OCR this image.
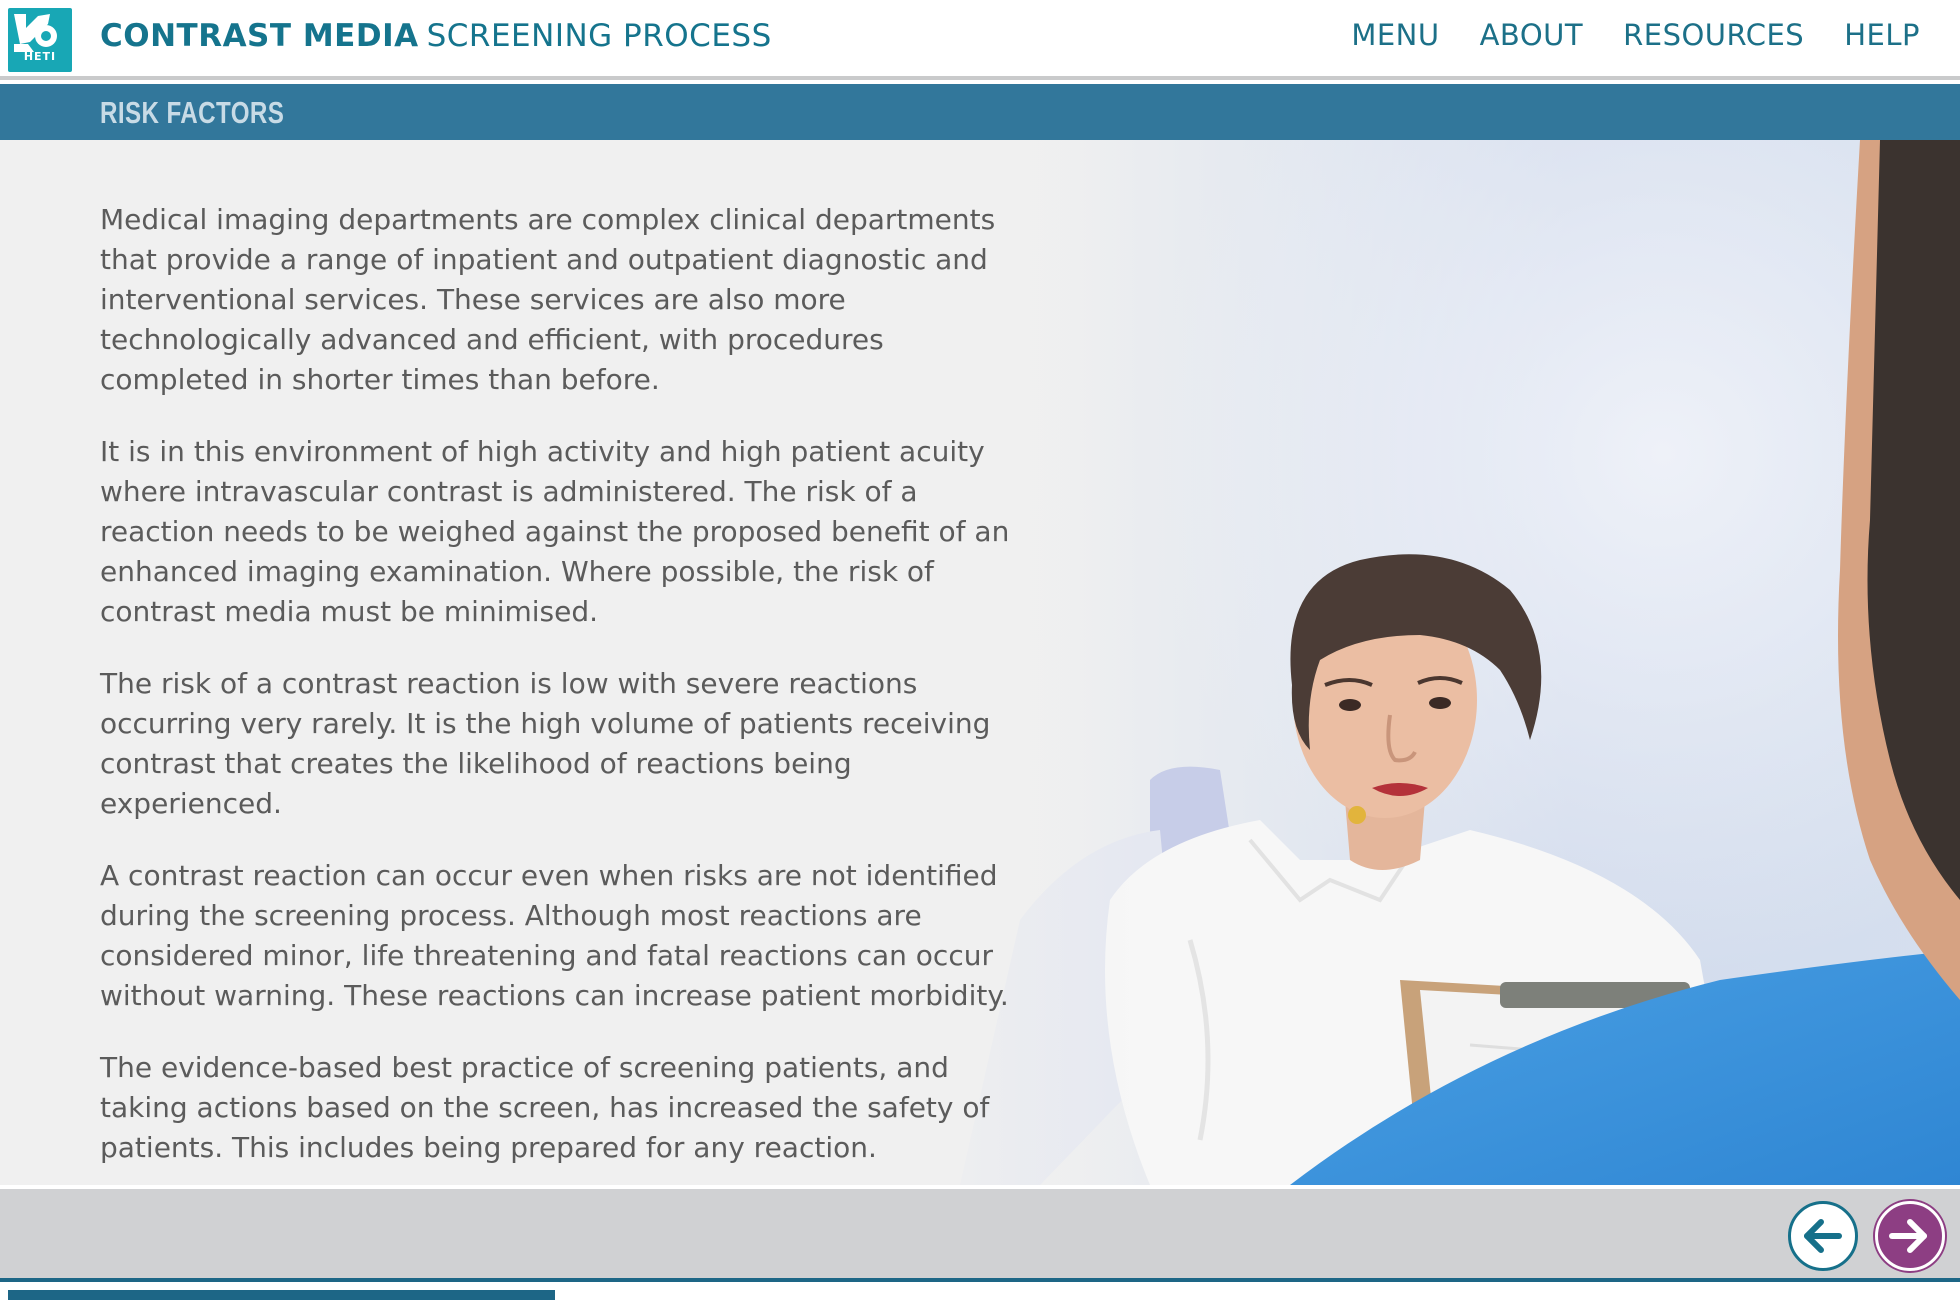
HETI
CONTRAST MEDIA SCREENING PROCESS	MENU ABOUT RESOURCES HELP
RISK FACTORS

Medical imaging departments are complex clinical departments that provide a range of inpatient and outpatient diagnostic and interventional services. These services are also more technologically advanced and efficient, with procedures completed in shorter times than before.

It is in this environment of high activity and high patient acuity where intravascular contrast is administered. The risk of a reaction needs to be weighed against the proposed benefit of an enhanced imaging examination. Where possible, the risk of contrast media must be minimised.

The risk of a contrast reaction is low with severe reactions occurring very rarely. It is the high volume of patients receiving contrast that creates the likelihood of reactions being experienced.

A contrast reaction can occur even when risks are not identified during the screening process. Although most reactions are considered minor, life threatening and fatal reactions can occur without warning. These reactions can increase patient morbidity.

The evidence-based best practice of screening patients, and taking actions based on the screen, has increased the safety of patients. This includes being prepared for any reaction.
